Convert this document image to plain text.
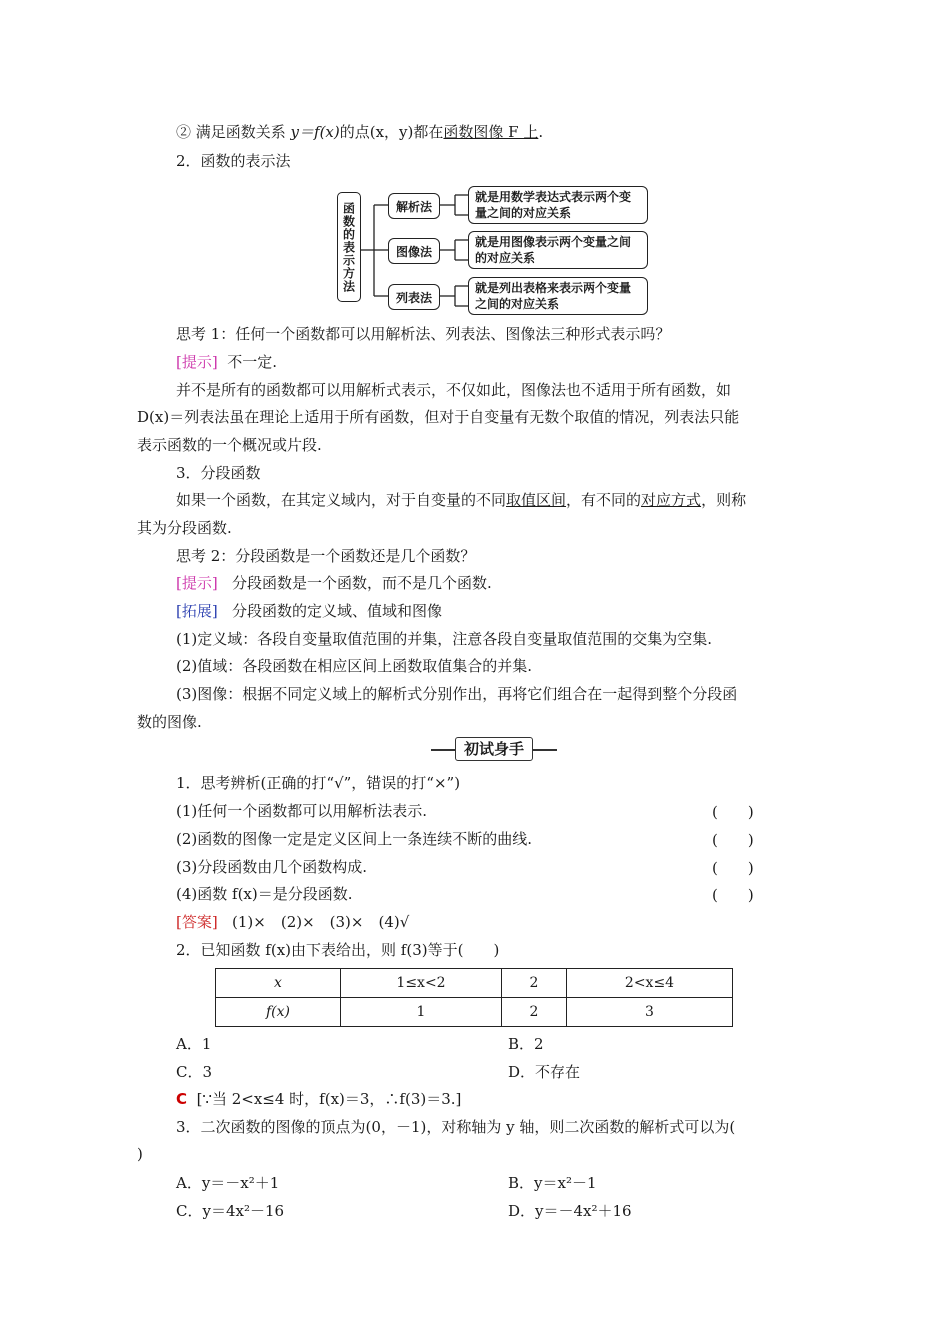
② 满足函数关系 y＝f(x)的点(x，y)都在函数图像 F 上.
2．函数的表示法
函数的表示方法	解析法
图像法
列表法
就是用数学表达式表示两个变量之间的对应关系
就是用图像表示两个变量之间的对应关系
就是列出表格来表示两个变量之间的对应关系
思考 1：任何一个函数都可以用解析法、列表法、图像法三种形式表示吗？
[提示] 不一定.
并不是所有的函数都可以用解析式表示，不仅如此，图像法也不适用于所有函数，如
D(x)＝列表法虽在理论上适用于所有函数，但对于自变量有无数个取值的情况，列表法只能
表示函数的一个概况或片段.
3．分段函数
如果一个函数，在其定义域内，对于自变量的不同取值区间，有不同的对应方式，则称
其为分段函数.
思考 2：分段函数是一个函数还是几个函数？
[提示] 分段函数是一个函数，而不是几个函数.
[拓展] 分段函数的定义域、值域和图像
(1)定义域：各段自变量取值范围的并集，注意各段自变量取值范围的交集为空集.
(2)值域：各段函数在相应区间上函数取值集合的并集.
(3)图像：根据不同定义域上的解析式分别作出，再将它们组合在一起得到整个分段函
数的图像.
初试身手
1．思考辨析(正确的打“√”，错误的打“×”)
(1)任何一个函数都可以用解析法表示.	(　　)
(2)函数的图像一定是定义区间上一条连续不断的曲线.	(　　)
(3)分段函数由几个函数构成.	(　　)
(4)函数 f(x)＝是分段函数.	(　　)
[答案] (1)×　(2)×　(3)×　(4)√
2．已知函数 f(x)由下表给出，则 f(3)等于(　　)
x	1≤x<2	2	2<x≤4
f(x)	1	2	3
A．1	B．2
C．3	D．不存在
C [∵当 2<x≤4 时，f(x)＝3，∴f(3)＝3.]
3．二次函数的图像的顶点为(0，－1)，对称轴为 y 轴，则二次函数的解析式可以为(
)
A．y＝－x²＋1	B．y＝x²－1
C．y＝4x²－16	D．y＝－4x²＋16
